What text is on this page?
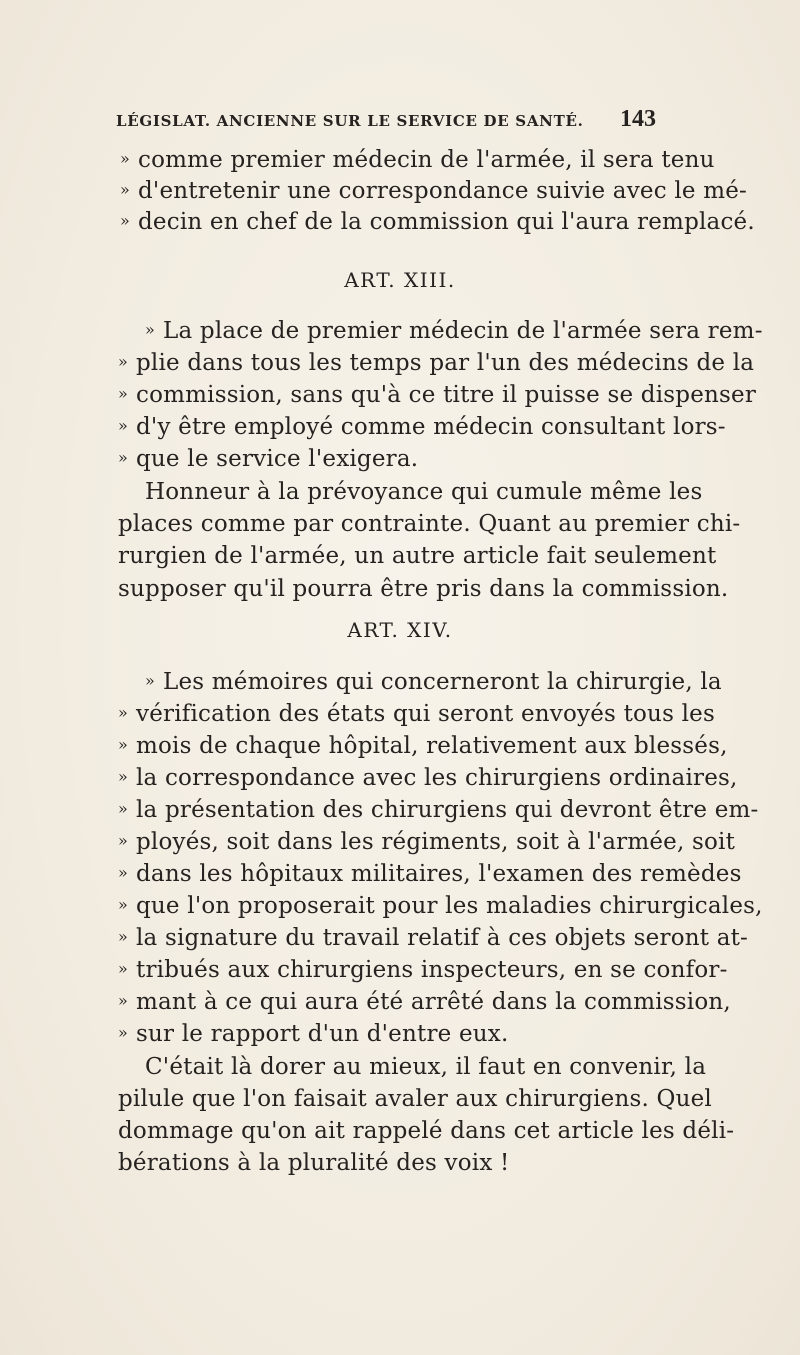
LÉGISLAT. ANCIENNE SUR LE SERVICE DE SANTÉ. 143
» comme premier médecin de l'armée, il sera tenu
» d'entretenir une correspondance suivie avec le mé-
» decin en chef de la commission qui l'aura remplacé.
ART. XIII.
» La place de premier médecin de l'armée sera rem-
» plie dans tous les temps par l'un des médecins de la
» commission, sans qu'à ce titre il puisse se dispenser
» d'y être employé comme médecin consultant lors-
» que le service l'exigera.
Honneur à la prévoyance qui cumule même les
places comme par contrainte. Quant au premier chi-
rurgien de l'armée, un autre article fait seulement
supposer qu'il pourra être pris dans la commission.
ART. XIV.
» Les mémoires qui concerneront la chirurgie, la
» vérification des états qui seront envoyés tous les
» mois de chaque hôpital, relativement aux blessés,
» la correspondance avec les chirurgiens ordinaires,
» la présentation des chirurgiens qui devront être em-
» ployés, soit dans les régiments, soit à l'armée, soit
» dans les hôpitaux militaires, l'examen des remèdes
» que l'on proposerait pour les maladies chirurgicales,
» la signature du travail relatif à ces objets seront at-
» tribués aux chirurgiens inspecteurs, en se confor-
» mant à ce qui aura été arrêté dans la commission,
» sur le rapport d'un d'entre eux.
C'était là dorer au mieux, il faut en convenir, la
pilule que l'on faisait avaler aux chirurgiens. Quel
dommage qu'on ait rappelé dans cet article les déli-
bérations à la pluralité des voix !
